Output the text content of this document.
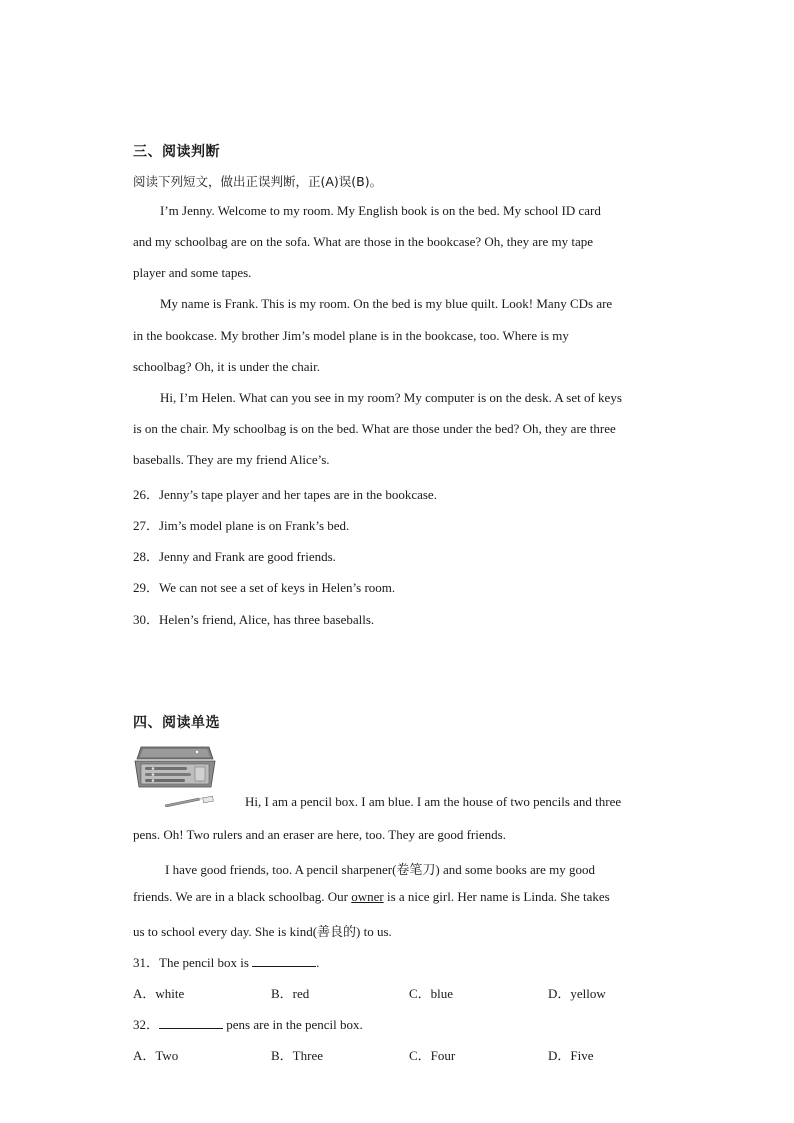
三、阅读判断
阅读下列短文，做出正误判断，正(A)误(B)。
I’m Jenny. Welcome to my room. My English book is on the bed. My school ID card
and my schoolbag are on the sofa. What are those in the bookcase? Oh, they are my tape
player and some tapes.
My name is Frank. This is my room. On the bed is my blue quilt. Look! Many CDs are
in the bookcase. My brother Jim’s model plane is in the bookcase, too. Where is my
schoolbag? Oh, it is under the chair.
Hi, I’m Helen. What can you see in my room? My computer is on the desk. A set of keys
is on the chair. My schoolbag is on the bed. What are those under the bed? Oh, they are three
baseballs. They are my friend Alice’s.
26．Jenny’s tape player and her tapes are in the bookcase.
27．Jim’s model plane is on Frank’s bed.
28．Jenny and Frank are good friends.
29．We can not see a set of keys in Helen’s room.
30．Helen’s friend, Alice, has three baseballs.
四、阅读单选
Hi, I am a pencil box. I am blue. I am the house of two pencils and three
pens. Oh! Two rulers and an eraser are here, too. They are good friends.
I have good friends, too. A pencil sharpener(卷笔刀) and some books are my good
friends. We are in a black schoolbag. Our owner is a nice girl. Her name is Linda. She takes
us to school every day. She is kind(善良的) to us.
31．The pencil box is	.
A．white	B．red	C．blue	D．yellow
32．	pens are in the pencil box.
A．Two	B．Three	C．Four	D．Five
